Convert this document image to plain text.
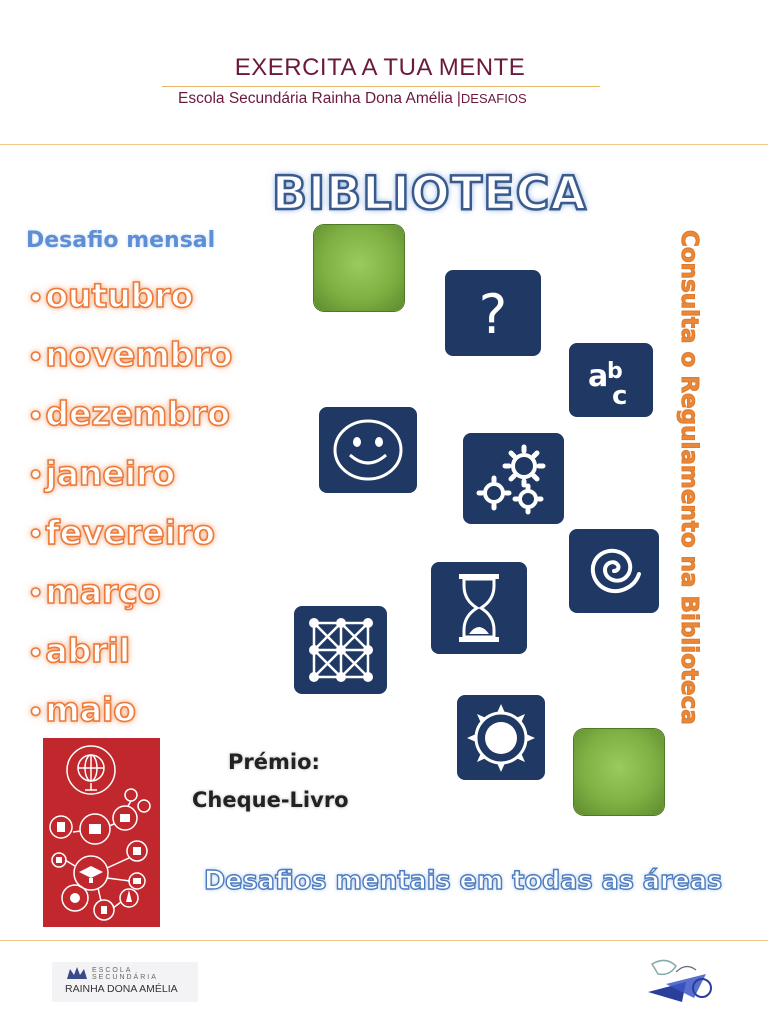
EXERCITA A TUA MENTE
Escola Secundária Rainha Dona Amélia |DESAFIOS
BIBLIOTECA
Desafio mensal
•outubro
•novembro
•dezembro
•janeiro
•fevereiro
•março
•abril
•maio	Consulta o Regulamento na Biblioteca
?
a
b
c
Prémio:
Cheque-Livro
Desafios mentais em todas as áreas
ESCOLA SECUNDÁRIA
RAINHA DONA AMÉLIA
